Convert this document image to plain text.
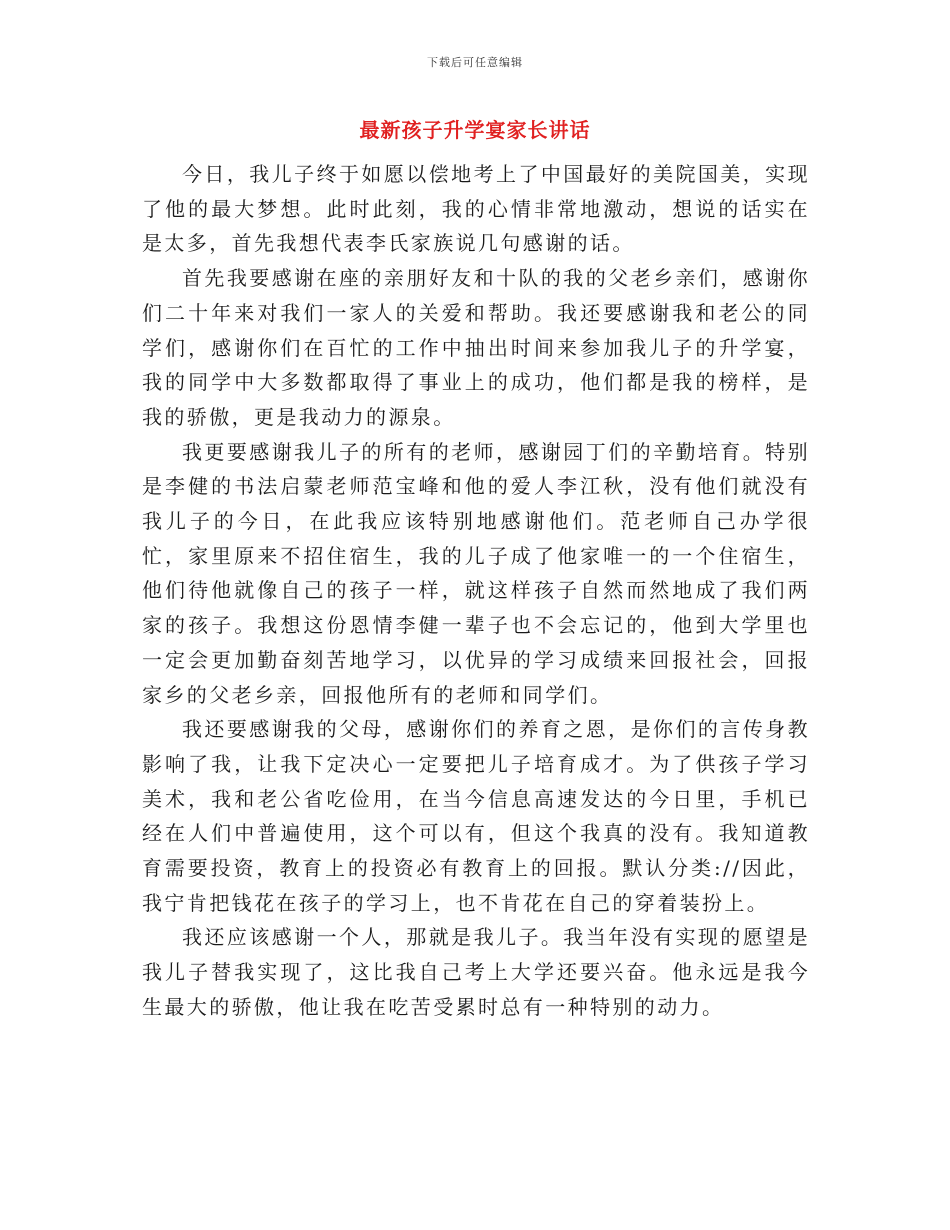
下载后可任意编辑
最新孩子升学宴家长讲话

今日，我儿子终于如愿以偿地考上了中国最好的美院国美，实现了他的最大梦想。此时此刻，我的心情非常地激动，想说的话实在是太多，首先我想代表李氏家族说几句感谢的话。

首先我要感谢在座的亲朋好友和十队的我的父老乡亲们，感谢你们二十年来对我们一家人的关爱和帮助。我还要感谢我和老公的同学们，感谢你们在百忙的工作中抽出时间来参加我儿子的升学宴，我的同学中大多数都取得了事业上的成功，他们都是我的榜样，是我的骄傲，更是我动力的源泉。

我更要感谢我儿子的所有的老师，感谢园丁们的辛勤培育。特别是李健的书法启蒙老师范宝峰和他的爱人李江秋，没有他们就没有我儿子的今日，在此我应该特别地感谢他们。范老师自己办学很忙，家里原来不招住宿生，我的儿子成了他家唯一的一个住宿生，他们待他就像自己的孩子一样，就这样孩子自然而然地成了我们两家的孩子。我想这份恩情李健一辈子也不会忘记的，他到大学里也一定会更加勤奋刻苦地学习，以优异的学习成绩来回报社会，回报家乡的父老乡亲，回报他所有的老师和同学们。

我还要感谢我的父母，感谢你们的养育之恩，是你们的言传身教影响了我，让我下定决心一定要把儿子培育成才。为了供孩子学习美术，我和老公省吃俭用，在当今信息高速发达的今日里，手机已经在人们中普遍使用，这个可以有，但这个我真的没有。我知道教育需要投资，教育上的投资必有教育上的回报。默认分类://因此，我宁肯把钱花在孩子的学习上，也不肯花在自己的穿着装扮上。

我还应该感谢一个人，那就是我儿子。我当年没有实现的愿望是我儿子替我实现了，这比我自己考上大学还要兴奋。他永远是我今生最大的骄傲，他让我在吃苦受累时总有一种特别的动力。
